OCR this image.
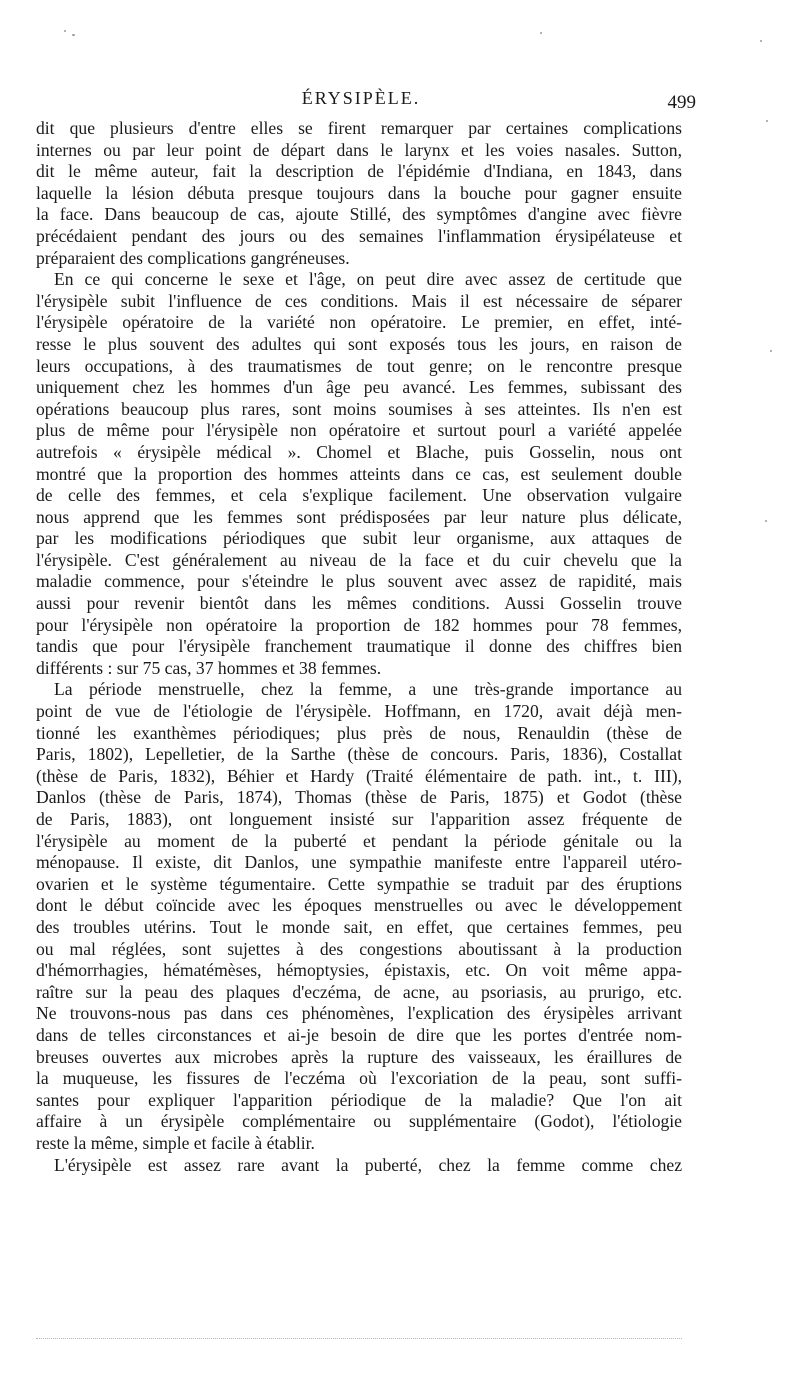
ÉRYSIPÈLE.	499
dit que plusieurs d'entre elles se firent remarquer par certaines complications
internes ou par leur point de départ dans le larynx et les voies nasales. Sutton,
dit le même auteur, fait la description de l'épidémie d'Indiana, en 1843, dans
laquelle la lésion débuta presque toujours dans la bouche pour gagner ensuite
la face. Dans beaucoup de cas, ajoute Stillé, des symptômes d'angine avec fièvre
précédaient pendant des jours ou des semaines l'inflammation érysipélateuse et
préparaient des complications gangréneuses.
En ce qui concerne le sexe et l'âge, on peut dire avec assez de certitude que
l'érysipèle subit l'influence de ces conditions. Mais il est nécessaire de séparer
l'érysipèle opératoire de la variété non opératoire. Le premier, en effet, inté-
resse le plus souvent des adultes qui sont exposés tous les jours, en raison de
leurs occupations, à des traumatismes de tout genre; on le rencontre presque
uniquement chez les hommes d'un âge peu avancé. Les femmes, subissant des
opérations beaucoup plus rares, sont moins soumises à ses atteintes. Ils n'en est
plus de même pour l'érysipèle non opératoire et surtout pourl a variété appelée
autrefois « érysipèle médical ». Chomel et Blache, puis Gosselin, nous ont
montré que la proportion des hommes atteints dans ce cas, est seulement double
de celle des femmes, et cela s'explique facilement. Une observation vulgaire
nous apprend que les femmes sont prédisposées par leur nature plus délicate,
par les modifications périodiques que subit leur organisme, aux attaques de
l'érysipèle. C'est généralement au niveau de la face et du cuir chevelu que la
maladie commence, pour s'éteindre le plus souvent avec assez de rapidité, mais
aussi pour revenir bientôt dans les mêmes conditions. Aussi Gosselin trouve
pour l'érysipèle non opératoire la proportion de 182 hommes pour 78 femmes,
tandis que pour l'érysipèle franchement traumatique il donne des chiffres bien
différents : sur 75 cas, 37 hommes et 38 femmes.
La période menstruelle, chez la femme, a une très-grande importance au
point de vue de l'étiologie de l'érysipèle. Hoffmann, en 1720, avait déjà men-
tionné les exanthèmes périodiques; plus près de nous, Renauldin (thèse de
Paris, 1802), Lepelletier, de la Sarthe (thèse de concours. Paris, 1836), Costallat
(thèse de Paris, 1832), Béhier et Hardy (Traité élémentaire de path. int., t. III),
Danlos (thèse de Paris, 1874), Thomas (thèse de Paris, 1875) et Godot (thèse
de Paris, 1883), ont longuement insisté sur l'apparition assez fréquente de
l'érysipèle au moment de la puberté et pendant la période génitale ou la
ménopause. Il existe, dit Danlos, une sympathie manifeste entre l'appareil utéro-
ovarien et le système tégumentaire. Cette sympathie se traduit par des éruptions
dont le début coïncide avec les époques menstruelles ou avec le développement
des troubles utérins. Tout le monde sait, en effet, que certaines femmes, peu
ou mal réglées, sont sujettes à des congestions aboutissant à la production
d'hémorrhagies, hématémèses, hémoptysies, épistaxis, etc. On voit même appa-
raître sur la peau des plaques d'eczéma, de acne, au psoriasis, au prurigo, etc.
Ne trouvons-nous pas dans ces phénomènes, l'explication des érysipèles arrivant
dans de telles circonstances et ai-je besoin de dire que les portes d'entrée nom-
breuses ouvertes aux microbes après la rupture des vaisseaux, les éraillures de
la muqueuse, les fissures de l'eczéma où l'excoriation de la peau, sont suffi-
santes pour expliquer l'apparition périodique de la maladie? Que l'on ait
affaire à un érysipèle complémentaire ou supplémentaire (Godot), l'étiologie
reste la même, simple et facile à établir.
L'érysipèle est assez rare avant la puberté, chez la femme comme chez
